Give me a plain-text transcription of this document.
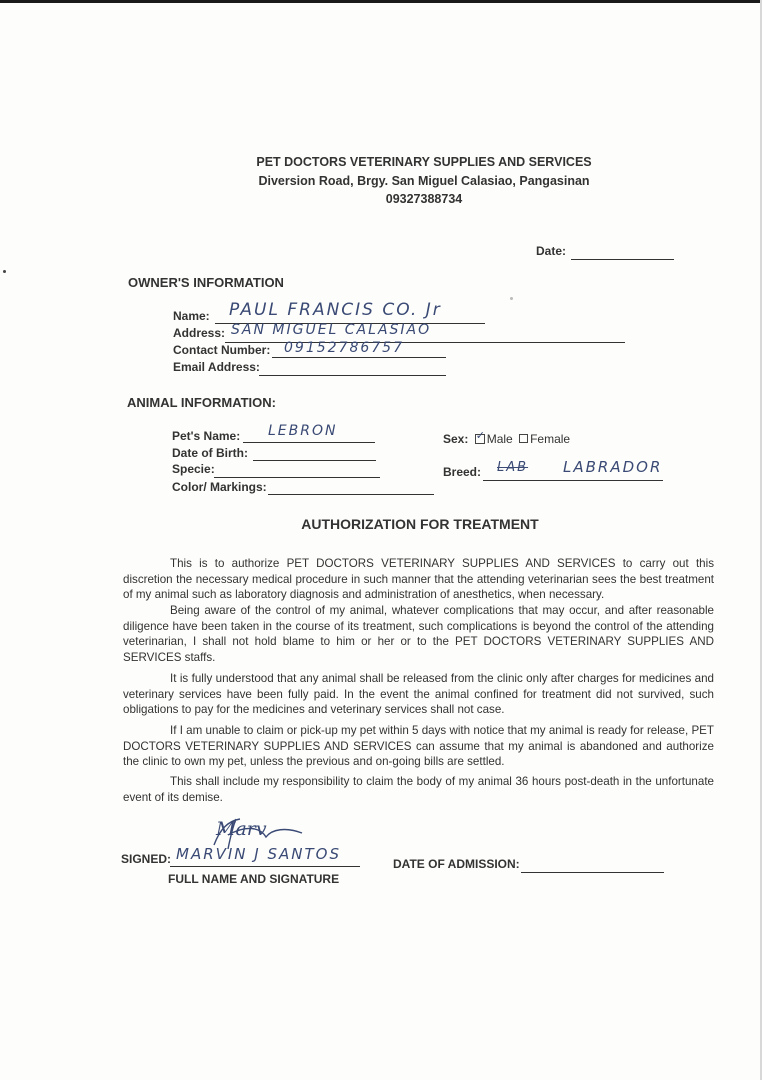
PET DOCTORS VETERINARY SUPPLIES AND SERVICES
Diversion Road, Brgy. San Miguel Calasiao, Pangasinan
09327388734
Date:
OWNER'S INFORMATION
Name: PAUL FRANCIS CO. Jr
Address: SAN MIGUEL CALASIAO
Contact Number: 09152786757
Email Address:
ANIMAL INFORMATION:
Pet's Name: LEBRON
Date of Birth:
Specie:
Color/ Markings:
Sex: ✓ Male Female
Breed: LAB LABRADOR
AUTHORIZATION FOR TREATMENT

This is to authorize PET DOCTORS VETERINARY SUPPLIES AND SERVICES to carry out this discretion the necessary medical procedure in such manner that the attending veterinarian sees the best treatment of my animal such as laboratory diagnosis and administration of anesthetics, when necessary.

Being aware of the control of my animal, whatever complications that may occur, and after reasonable diligence have been taken in the course of its treatment, such complications is beyond the control of the attending veterinarian, I shall not hold blame to him or her or to the PET DOCTORS VETERINARY SUPPLIES AND SERVICES staffs.

It is fully understood that any animal shall be released from the clinic only after charges for medicines and veterinary services have been fully paid. In the event the animal confined for treatment did not survived, such obligations to pay for the medicines and veterinary services shall not case.

If I am unable to claim or pick-up my pet within 5 days with notice that my animal is ready for release, PET DOCTORS VETERINARY SUPPLIES AND SERVICES can assume that my animal is abandoned and authorize the clinic to own my pet, unless the previous and on-going bills are settled.

This shall include my responsibility to claim the body of my animal 36 hours post-death in the unfortunate event of its demise.

Marv
SIGNED: MARVIN J SANTOS
FULL NAME AND SIGNATURE
DATE OF ADMISSION:
